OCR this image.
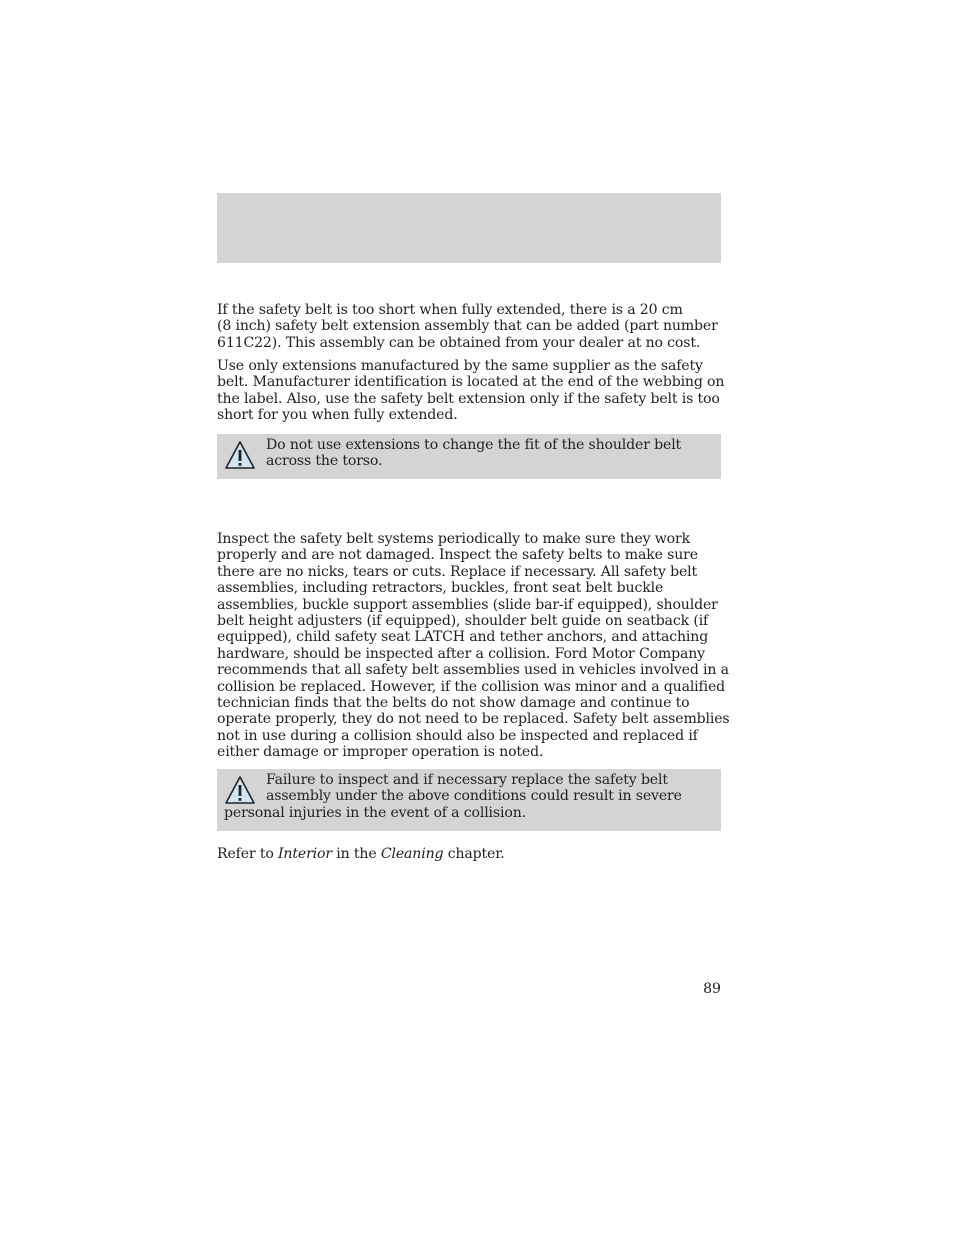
If the safety belt is too short when fully extended, there is a 20 cm
(8 inch) safety belt extension assembly that can be added (part number
611C22). This assembly can be obtained from your dealer at no cost.

Use only extensions manufactured by the same supplier as the safety
belt. Manufacturer identification is located at the end of the webbing on
the label. Also, use the safety belt extension only if the safety belt is too
short for you when fully extended.

Do not use extensions to change the fit of the shoulder belt
across the torso.

Inspect the safety belt systems periodically to make sure they work
properly and are not damaged. Inspect the safety belts to make sure
there are no nicks, tears or cuts. Replace if necessary. All safety belt
assemblies, including retractors, buckles, front seat belt buckle
assemblies, buckle support assemblies (slide bar-if equipped), shoulder
belt height adjusters (if equipped), shoulder belt guide on seatback (if
equipped), child safety seat LATCH and tether anchors, and attaching
hardware, should be inspected after a collision. Ford Motor Company
recommends that all safety belt assemblies used in vehicles involved in a
collision be replaced. However, if the collision was minor and a qualified
technician finds that the belts do not show damage and continue to
operate properly, they do not need to be replaced. Safety belt assemblies
not in use during a collision should also be inspected and replaced if
either damage or improper operation is noted.

Failure to inspect and if necessary replace the safety belt
assembly under the above conditions could result in severe
personal injuries in the event of a collision.

Refer to Interior in the Cleaning chapter.

89
